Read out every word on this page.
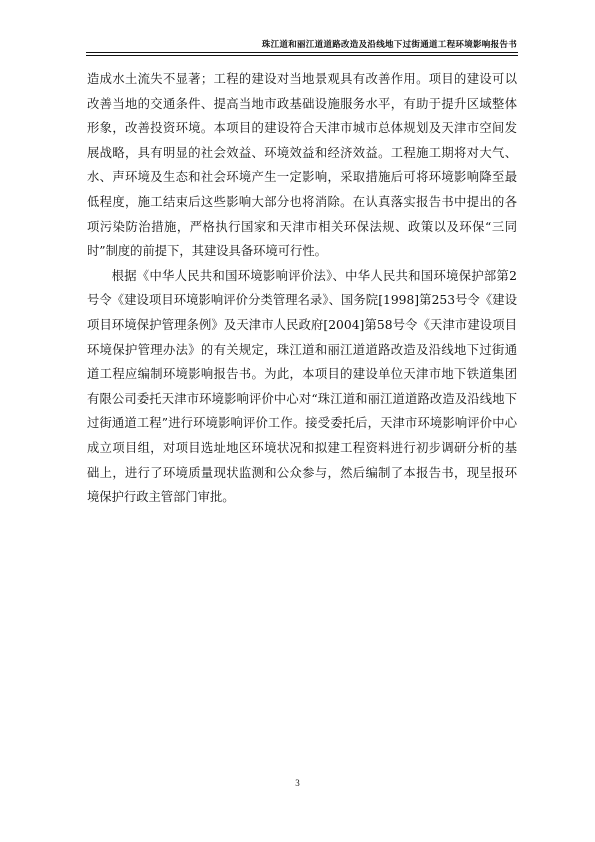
珠江道和丽江道道路改造及沿线地下过街通道工程环境影响报告书

造成水土流失不显著；工程的建设对当地景观具有改善作用。项目的建设可以改善当地的交通条件、提高当地市政基础设施服务水平，有助于提升区域整体形象，改善投资环境。本项目的建设符合天津市城市总体规划及天津市空间发展战略，具有明显的社会效益、环境效益和经济效益。工程施工期将对大气、水、声环境及生态和社会环境产生一定影响，采取措施后可将环境影响降至最低程度，施工结束后这些影响大部分也将消除。在认真落实报告书中提出的各项污染防治措施，严格执行国家和天津市相关环保法规、政策以及环保“三同时”制度的前提下，其建设具备环境可行性。

根据《中华人民共和国环境影响评价法》、中华人民共和国环境保护部第2号令《建设项目环境影响评价分类管理名录》、国务院[1998]第253号令《建设项目环境保护管理条例》及天津市人民政府[2004]第58号令《天津市建设项目环境保护管理办法》的有关规定，珠江道和丽江道道路改造及沿线地下过街通道工程应编制环境影响报告书。为此，本项目的建设单位天津市地下铁道集团有限公司委托天津市环境影响评价中心对“珠江道和丽江道道路改造及沿线地下过街通道工程”进行环境影响评价工作。接受委托后，天津市环境影响评价中心成立项目组，对项目选址地区环境状况和拟建工程资料进行初步调研分析的基础上，进行了环境质量现状监测和公众参与，然后编制了本报告书，现呈报环境保护行政主管部门审批。

3
